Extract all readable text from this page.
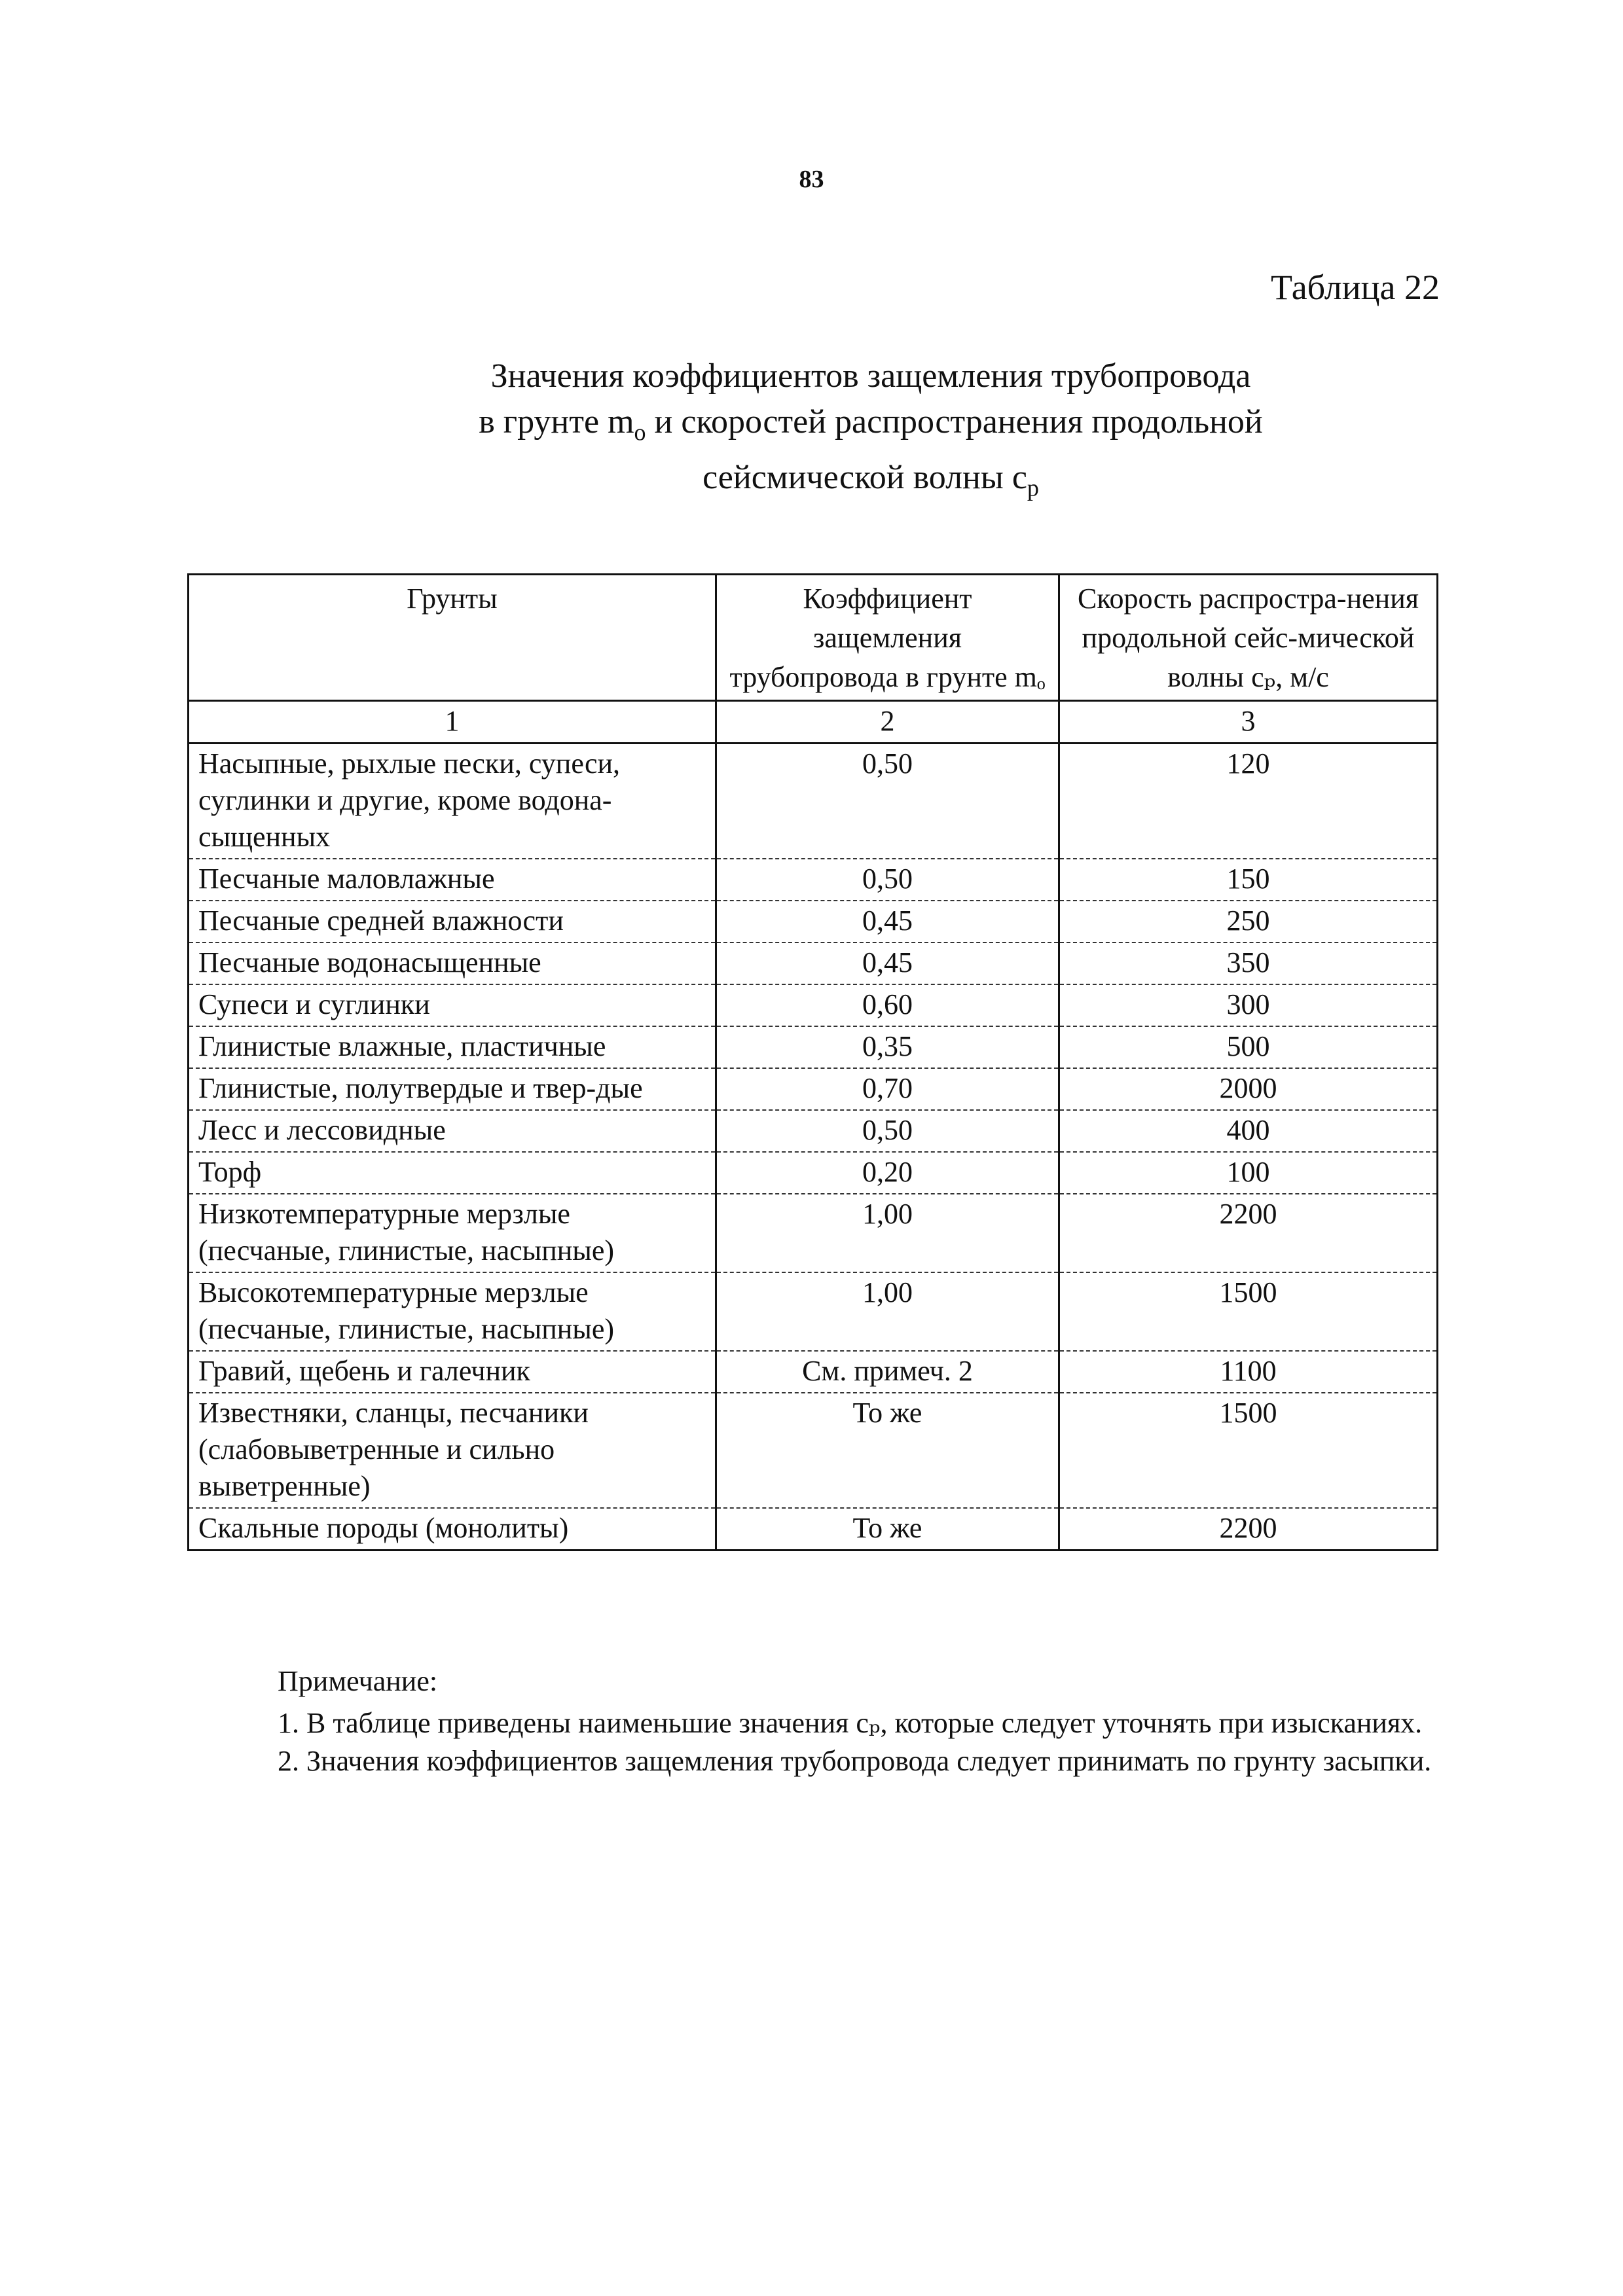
83
Таблица 22
Значения коэффициентов защемления трубопровода
в грунте $m_о$ и скоростей распространения продольной
сейсмической волны $c_p$
Грунты	Коэффициент защемления трубопровода в грунте mₒ	Скорость распростра-нения продольной сейс-мической волны cₚ, м/с
1	2	3
Насыпные, рыхлые пески, супеси, суглинки и другие, кроме водона-сыщенных	0,50	120
Песчаные маловлажные	0,50	150
Песчаные средней влажности	0,45	250
Песчаные водонасыщенные	0,45	350
Супеси и суглинки	0,60	300
Глинистые влажные, пластичные	0,35	500
Глинистые, полутвердые и твер-дые	0,70	2000
Лесс и лессовидные	0,50	400
Торф	0,20	100
Низкотемпературные мерзлые (песчаные, глинистые, насыпные)	1,00	2200
Высокотемпературные мерзлые (песчаные, глинистые, насыпные)	1,00	1500
Гравий, щебень и галечник	См. примеч. 2	1100
Известняки, сланцы, песчаники (слабовыветренные и сильно выветренные)	То же	1500
Скальные породы (монолиты)	То же	2200

Примечание:

1. В таблице приведены наименьшие значения cₚ, которые следует уточнять при изысканиях.

2. Значения коэффициентов защемления трубопровода следует принимать по грунту засыпки.
